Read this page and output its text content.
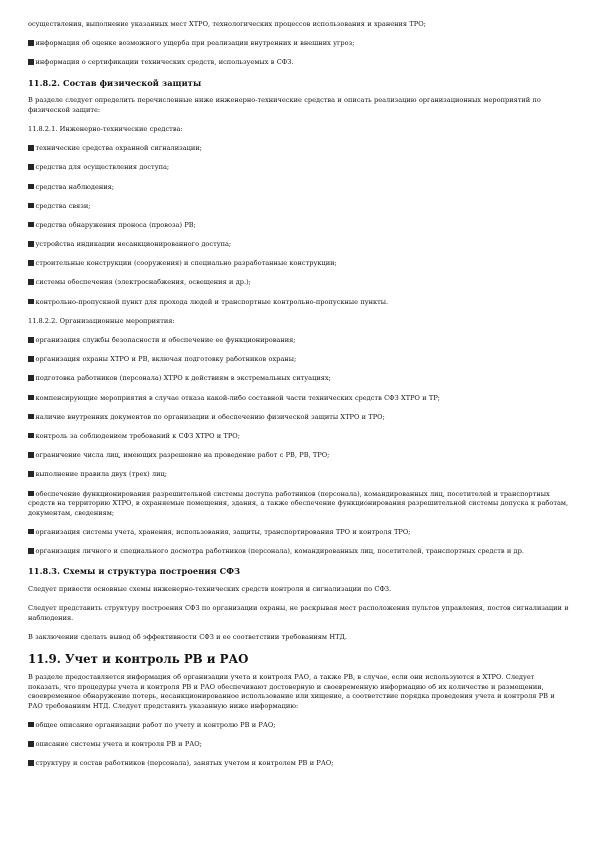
осуществления, выполнение указанных мест ХТРО, технологических процессов использования и хранения ТРО;
информация об оценке возможного ущерба при реализации внутренних и внешних угроз;
информация о сертификации технических средств, используемых в СФЗ.
11.8.2. Состав физической защиты
В разделе следует определить перечисленные ниже инженерно-технические средства и описать реализацию организационных мероприятий по физической защите:
11.8.2.1. Инженерно-технические средства:
технические средства охранной сигнализации;
средства для осуществления доступа;
средства наблюдения;
средства связи;
средства обнаружения проноса (провоза) РВ;
устройства индикации несанкционированного доступа;
строительные конструкции (сооружения) и специально разработанные конструкции;
системы обеспечения (электроснабжения, освещения и др.);
контрольно-пропускной пункт для прохода людей и транспортные контрольно-пропускные пункты.
11.8.2.2. Организационные мероприятия:
организация службы безопасности и обеспечение ее функционирования;
организация охраны ХТРО и РВ, включая подготовку работников охраны;
подготовка работников (персонала) ХТРО к действиям в экстремальных ситуациях;
компенсирующие мероприятия в случае отказа какой-либо составной части технических средств СФЗ ХТРО и ТР;
наличие внутренних документов по организации и обеспечению физической защиты ХТРО и ТРО;
контроль за соблюдением требований к СФЗ ХТРО и ТРО;
ограничение числа лиц, имеющих разрешение на проведение работ с РВ, РВ, ТРО;
выполнение правила двух (трех) лиц;
обеспечение функционирования разрешительной системы доступа работников (персонала), командированных лиц, посетителей и транспортных средств на территорию ХТРО, в охраняемые помещения, здания, а также обеспечение функционирования разрешительной системы допуска к работам, документам, сведениям;
организация системы учета, хранения, использования, защиты, транспортирования ТРО и контроля ТРО;
организация личного и специального досмотра работников (персонала), командированных лиц, посетителей, транспортных средств и др.
11.8.3. Схемы и структура построения СФЗ
Следует привести основные схемы инженерно-технических средств контроля и сигнализации по СФЗ.
Следует представить структуру построения СФЗ по организации охраны, не раскрывая мест расположения пультов управления, постов сигнализации и наблюдения.
В заключении сделать вывод об эффективности СФЗ и ее соответствии требованиям НТД.
11.9. Учет и контроль РВ и РАО
В разделе предоставляется информация об организации учета и контроля РАО, а также РВ, в случае, если они используются в ХТРО. Следует показать, что процедуры учета и контроля РВ и РАО обеспечивают достоверную и своевременную информацию об их количестве и размещении, своевременное обнаружение потерь, несанкционированное использование или хищение, а соответствие порядка проведения учета и контроля РВ и РАО требованиям НТД. Следует представить указанную ниже информацию:
общее описание организации работ по учету и контролю РВ и РАО;
описание системы учета и контроля РВ и РАО;
структуру и состав работников (персонала), занятых учетом и контролем РВ и РАО;
